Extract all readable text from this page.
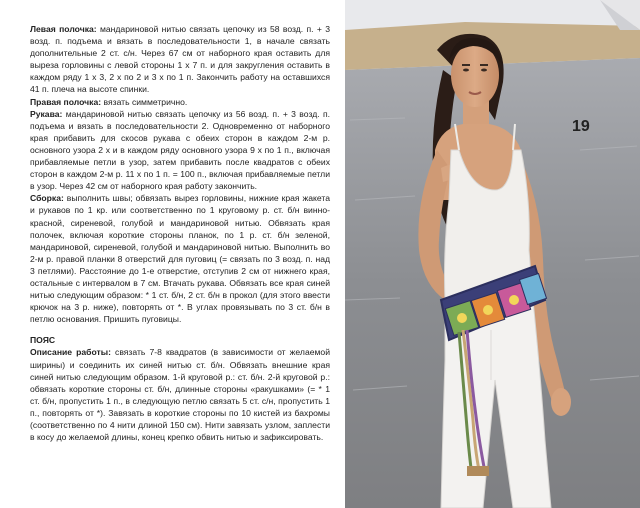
Левая полочка: мандариновой нитью связать цепочку из 58 возд. п. + 3 возд. п. подъема и вязать в последовательности 1, в начале связать дополнительные 2 ст. с/н. Через 67 см от наборного края оставить для выреза горловины с левой стороны 1 х 7 п. и для закругления оставить в каждом ряду 1 х 3, 2 х по 2 и 3 х по 1 п. Закончить работу на оставшихся 41 п. плеча на высоте спинки.

Правая полочка: вязать симметрично.

Рукава: мандариновой нитью связать цепочку из 56 возд. п. + 3 возд. п. подъема и вязать в последовательности 2. Одновременно от наборного края прибавить для скосов рукава с обеих сторон в каждом 2-м р. основного узора 2 х и в каждом ряду основного узора 9 х по 1 п., включая прибавляемые петли в узор, затем прибавить после квадратов с обеих сторон в каждом 2-м р. 11 х по 1 п. = 100 п., включая прибавляемые петли в узор. Через 42 см от наборного края работу закончить.

Сборка: выполнить швы; обвязать вырез горловины, нижние края жакета и рукавов по 1 кр. или соответственно по 1 круговому р. ст. б/н винно-красной, сиреневой, голубой и мандариновой нитью. Обвязать края полочек, включая короткие стороны планок, по 1 р. ст. б/н зеленой, мандариновой, сиреневой, голубой и мандариновой нитью. Выполнить во 2-м р. правой планки 8 отверстий для пуговиц (= связать по 3 возд. п. над 3 петлями). Расстояние до 1-е отверстие, отступив 2 см от нижнего края, остальные с интервалом в 7 см. Втачать рукава. Обвязать все края синей нитью следующим образом: * 1 ст. б/н, 2 ст. б/н в прокол (для этого ввести крючок на 3 р. ниже), повторять от *. В углах провязывать по 3 ст. б/н в петлю основания. Пришить пуговицы.

ПОЯС

Описание работы: связать 7-8 квадратов (в зависимости от желаемой ширины) и соединить их синей нитью ст. б/н. Обвязать внешние края синей нитью следующим образом. 1-й круговой р.: ст. б/н. 2-й круговой р.: обвязать короткие стороны ст. б/н, длинные стороны «ракушками» (= * 1 ст. б/н, пропустить 1 п., в следующую петлю связать 5 ст. с/н, пропустить 1 п., повторять от *). Завязать в короткие стороны по 10 кистей из бахромы (соответственно по 4 нити длиной 150 см). Нити завязать узлом, заплести в косу до желаемой длины, конец крепко обвить нитью и зафиксировать.

19
